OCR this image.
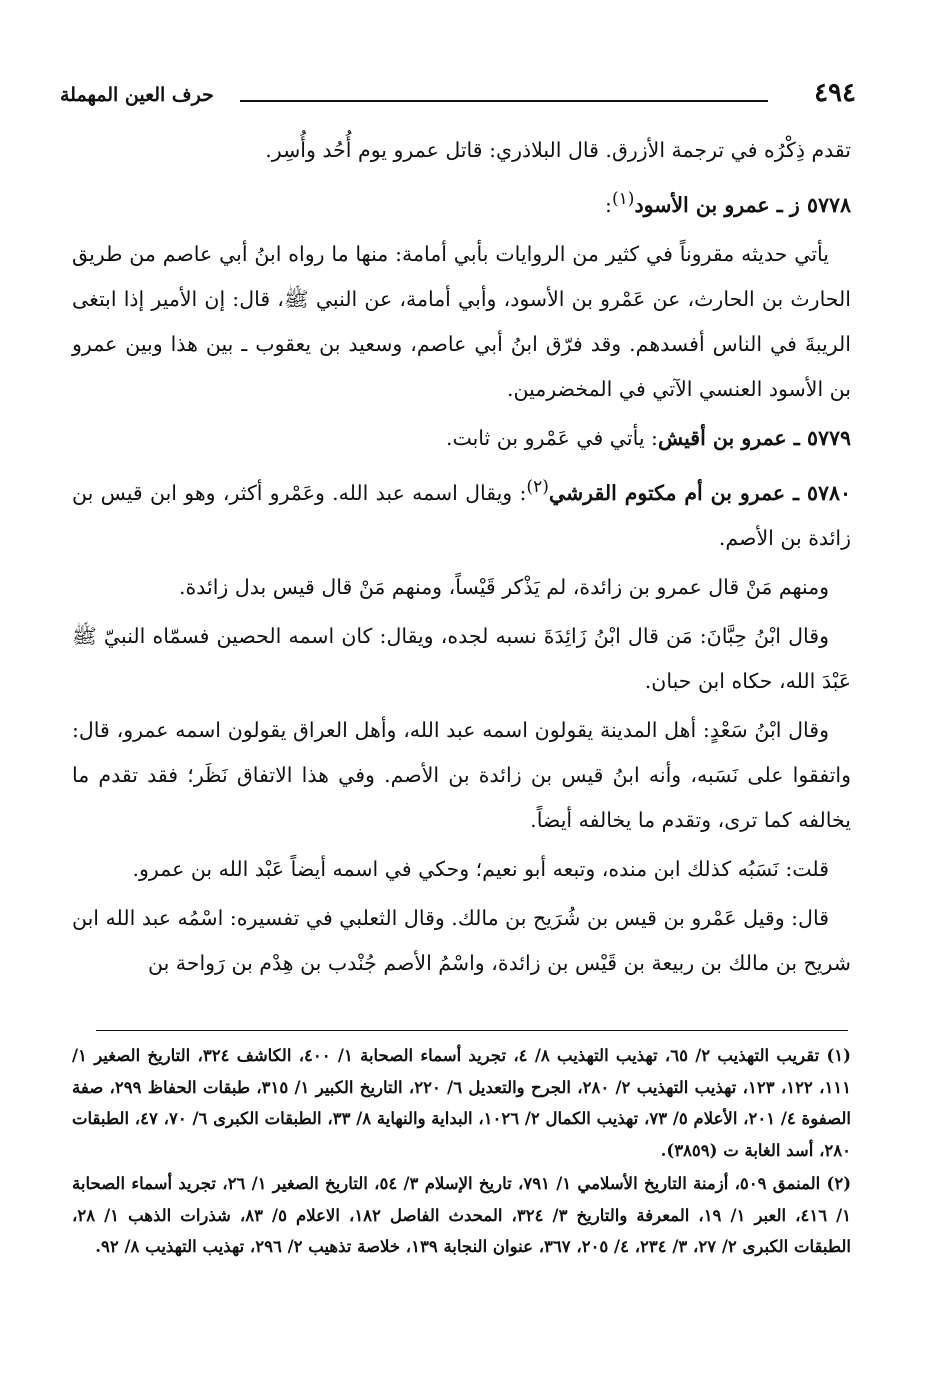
٤٩٤
حرف العين المهملة

تقدم ذِكْرُه في ترجمة الأزرق. قال البلاذري: قاتل عمرو يوم أُحُد وأُسِر.

٥٧٧٨ ز ـ عمرو بن الأسود$^{(١)}$:

يأتي حديثه مقروناً في كثير من الروايات بأبي أمامة: منها ما رواه ابنُ أبي عاصم من طريق الحارث بن الحارث، عن عَمْرو بن الأسود، وأبي أمامة، عن النبي ﷺ، قال: إن الأمير إذا ابتغى الريبةَ في الناس أفسدهم. وقد فرّق ابنُ أبي عاصم، وسعيد بن يعقوب ـ بين هذا وبين عمرو بن الأسود العنسي الآتي في المخضرمين.

٥٧٧٩ ـ عمرو بن أقيش: يأتي في عَمْرو بن ثابت.

٥٧٨٠ ـ عمرو بن أم مكتوم القرشي$^{(٢)}$: ويقال اسمه عبد الله. وعَمْرو أكثر، وهو ابن قيس بن زائدة بن الأصم.

ومنهم مَنْ قال عمرو بن زائدة، لم يَذْكر قَيْساً، ومنهم مَنْ قال قيس بدل زائدة.

وقال ابْنُ حِبَّانَ: مَن قال ابْنُ زَائِدَةَ نسبه لجده، ويقال: كان اسمه الحصين فسمّاه النبيّ ﷺ عَبْدَ الله، حكاه ابن حبان.

وقال ابْنُ سَعْدٍ: أهل المدينة يقولون اسمه عبد الله، وأهل العراق يقولون اسمه عمرو، قال: واتفقوا على نَسَبه، وأنه ابنُ قيس بن زائدة بن الأصم. وفي هذا الاتفاق نَظَر؛ فقد تقدم ما يخالفه كما ترى، وتقدم ما يخالفه أيضاً.

قلت: نَسَبُه كذلك ابن منده، وتبعه أبو نعيم؛ وحكي في اسمه أيضاً عَبْد الله بن عمرو.

قال: وقيل عَمْرو بن قيس بن شُرَيح بن مالك. وقال الثعلبي في تفسيره: اسْمُه عبد الله ابن شريح بن مالك بن ربيعة بن قَيْس بن زائدة، واسْمُ الأصم جُنْدب بن هِدْم بن رَواحة بن

(١) تقريب التهذيب ٢/ ٦٥، تهذيب التهذيب ٨/ ٤، تجريد أسماء الصحابة ١/ ٤٠٠، الكاشف ٣٢٤، التاريخ الصغير ١/ ١١١، ١٢٢، ١٢٣، تهذيب التهذيب ٢/ ٢٨٠، الجرح والتعديل ٦/ ٢٢٠، التاريخ الكبير ١/ ٣١٥، طبقات الحفاظ ٢٩٩، صفة الصفوة ٤/ ٢٠١، الأعلام ٥/ ٧٣، تهذيب الكمال ٢/ ١٠٢٦، البداية والنهاية ٨/ ٣٣، الطبقات الكبرى ٦/ ٧٠، ٤٧، الطبقات ٢٨٠، أسد الغابة ت (٣٨٥٩).

(٢) المنمق ٥٠٩، أزمنة التاريخ الأسلامي ١/ ٧٩١، تاريخ الإسلام ٣/ ٥٤، التاريخ الصغير ١/ ٢٦، تجريد أسماء الصحابة ١/ ٤١٦، العبر ١/ ١٩، المعرفة والتاريخ ٣/ ٣٢٤، المحدث الفاصل ١٨٢، الاعلام ٥/ ٨٣، شذرات الذهب ١/ ٢٨، الطبقات الكبرى ٢/ ٢٧، ٣/ ٢٣٤، ٤/ ٢٠٥، ٣٦٧، عنوان النجابة ١٣٩، خلاصة تذهيب ٢/ ٢٩٦، تهذيب التهذيب ٨/ ٩٢.
